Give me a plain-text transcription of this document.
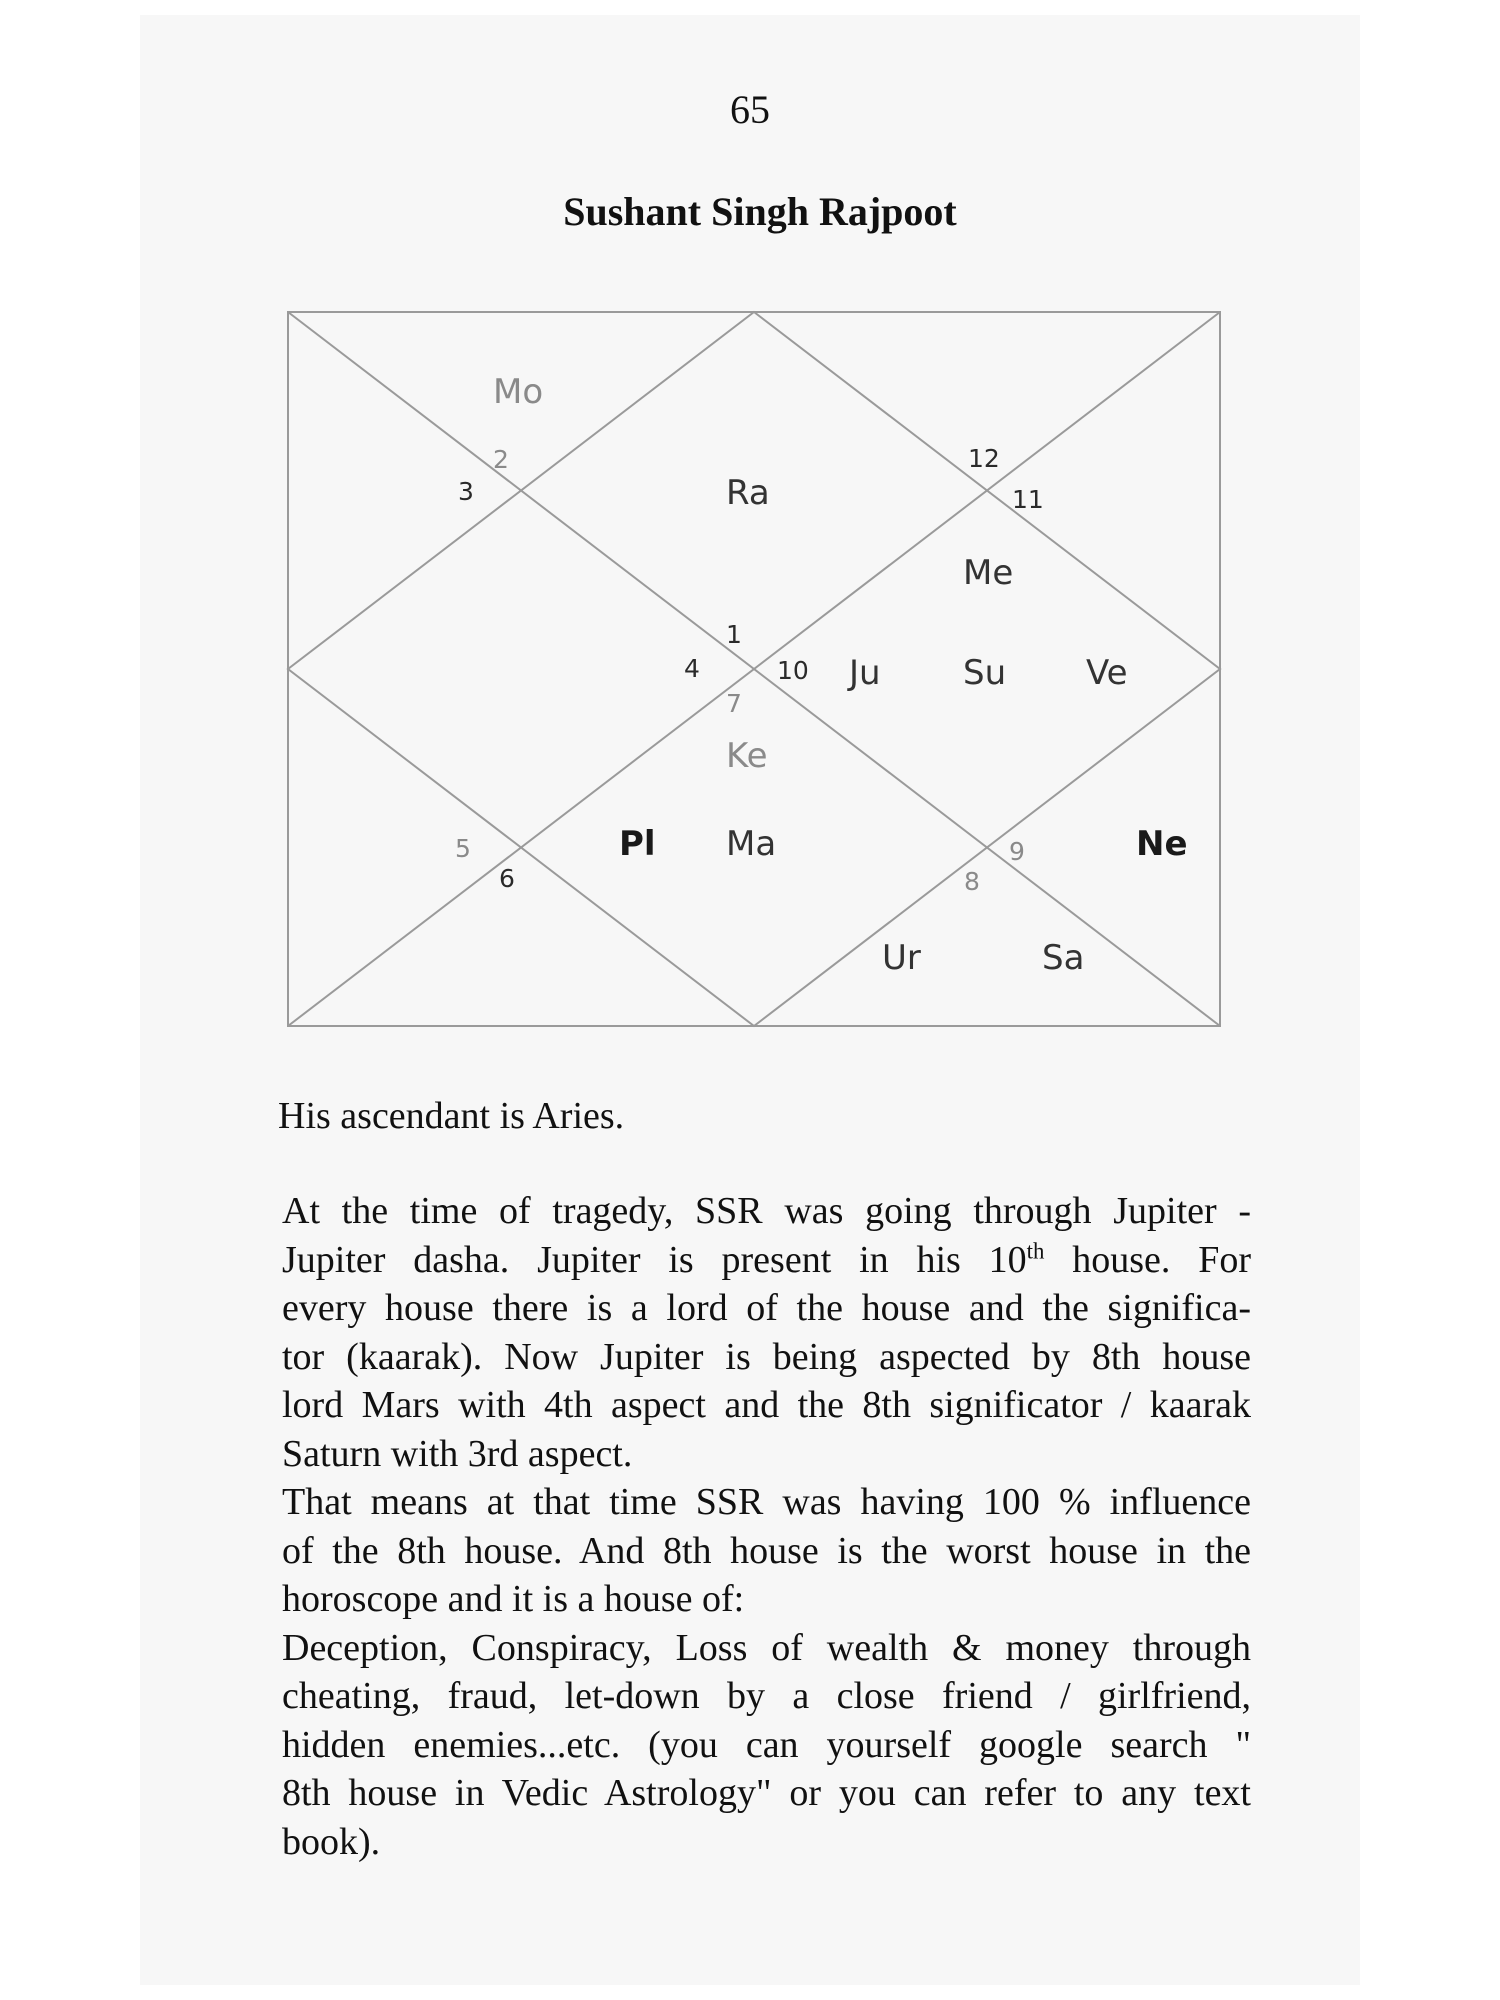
65
Sushant Singh Rajpoot
1
2
3
4
5
6
7
8
9
10
11
12
Mo
Ra
Me
Ju Su Ve
Ke
Pl Ma	Ne
Ur	Sa
His ascendant is Aries.
At the time of tragedy, SSR was going through Jupiter -
Jupiter dasha. Jupiter is present in his 10th house. For
every house there is a lord of the house and the significa-
tor (kaarak). Now Jupiter is being aspected by 8th house
lord Mars with 4th aspect and the 8th significator / kaarak
Saturn with 3rd aspect.
That means at that time SSR was having 100 % influence
of the 8th house. And 8th house is the worst house in the
horoscope and it is a house of:
Deception, Conspiracy, Loss of wealth & money through
cheating, fraud, let-down by a close friend / girlfriend,
hidden enemies...etc. (you can yourself google search "
8th house in Vedic Astrology" or you can refer to any text
book).
